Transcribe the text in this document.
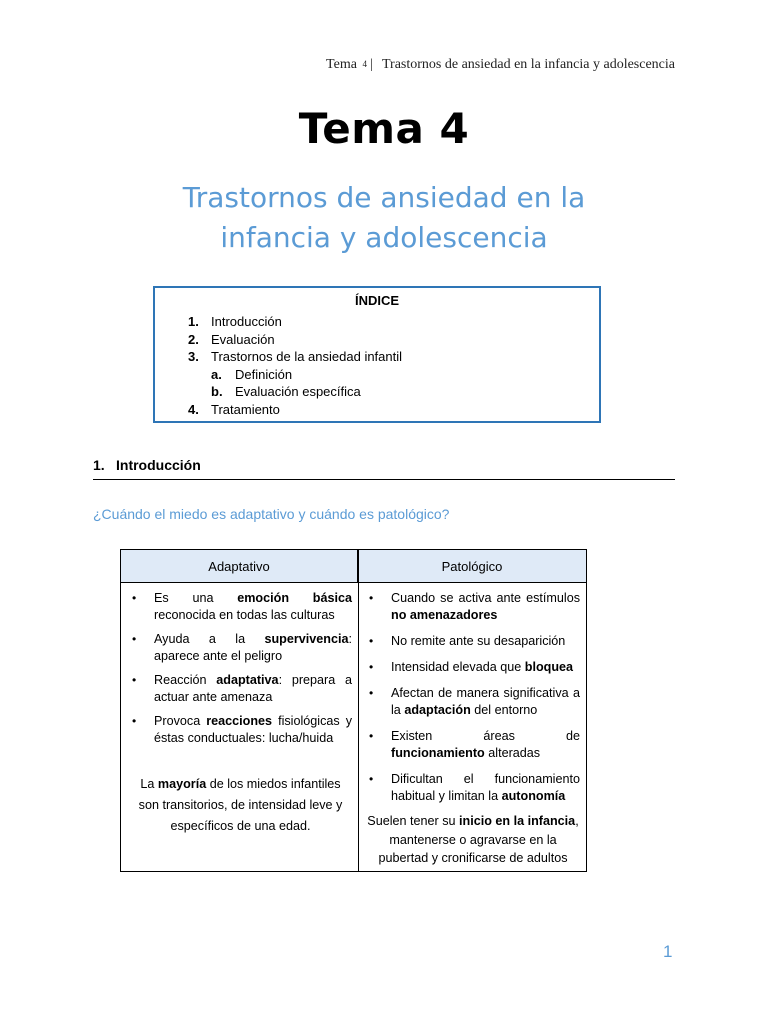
Tema 4 | Trastornos de ansiedad en la infancia y adolescencia
Tema 4
Trastornos de ansiedad en la
infancia y adolescencia
ÍNDICE
1. Introducción
2. Evaluación
3. Trastornos de la ansiedad infantil
a. Definición
b. Evaluación específica
4. Tratamiento
1. Introducción
¿Cuándo el miedo es adaptativo y cuándo es patológico?
Adaptativo	Patológico
• Es una emoción básica reconocida en todas las culturas
• Ayuda a la supervivencia: aparece ante el peligro
• Reacción adaptativa: prepara a actuar ante amenaza
• Provoca reacciones fisiológicas y éstas conductuales: lucha/huida
La mayoría de los miedos infantiles son transitorios, de intensidad leve y específicos de una edad.
• Cuando se activa ante estímulos no amenazadores
• No remite ante su desaparición
• Intensidad elevada que bloquea
• Afectan de manera significativa a la adaptación del entorno
• Existen áreas de funcionamiento alteradas
• Dificultan el funcionamiento habitual y limitan la autonomía
Suelen tener su inicio en la infancia, mantenerse o agravarse en la pubertad y cronificarse de adultos
1
